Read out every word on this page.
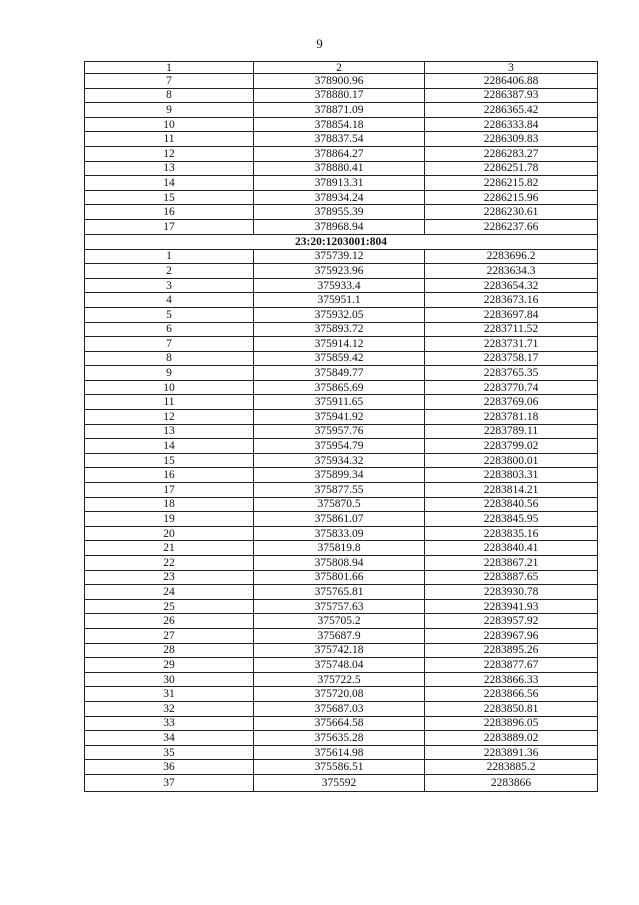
9
1	2	3
7	378900.96	2286406.88
8	378880.17	2286387.93
9	378871.09	2286365.42
10	378854.18	2286333.84
11	378837.54	2286309.83
12	378864.27	2286283.27
13	378880.41	2286251.78
14	378913.31	2286215.82
15	378934.24	2286215.96
16	378955.39	2286230.61
17	378968.94	2286237.66
23:20:1203001:804		
1	375739.12	2283696.2
2	375923.96	2283634.3
3	375933.4	2283654.32
4	375951.1	2283673.16
5	375932.05	2283697.84
6	375893.72	2283711.52
7	375914.12	2283731.71
8	375859.42	2283758.17
9	375849.77	2283765.35
10	375865.69	2283770.74
11	375911.65	2283769.06
12	375941.92	2283781.18
13	375957.76	2283789.11
14	375954.79	2283799.02
15	375934.32	2283800.01
16	375899.34	2283803.31
17	375877.55	2283814.21
18	375870.5	2283840.56
19	375861.07	2283845.95
20	375833.09	2283835.16
21	375819.8	2283840.41
22	375808.94	2283867.21
23	375801.66	2283887.65
24	375765.81	2283930.78
25	375757.63	2283941.93
26	375705.2	2283957.92
27	375687.9	2283967.96
28	375742.18	2283895.26
29	375748.04	2283877.67
30	375722.5	2283866.33
31	375720.08	2283866.56
32	375687.03	2283850.81
33	375664.58	2283896.05
34	375635.28	2283889.02
35	375614.98	2283891.36
36	375586.51	2283885.2
37	375592	2283866
